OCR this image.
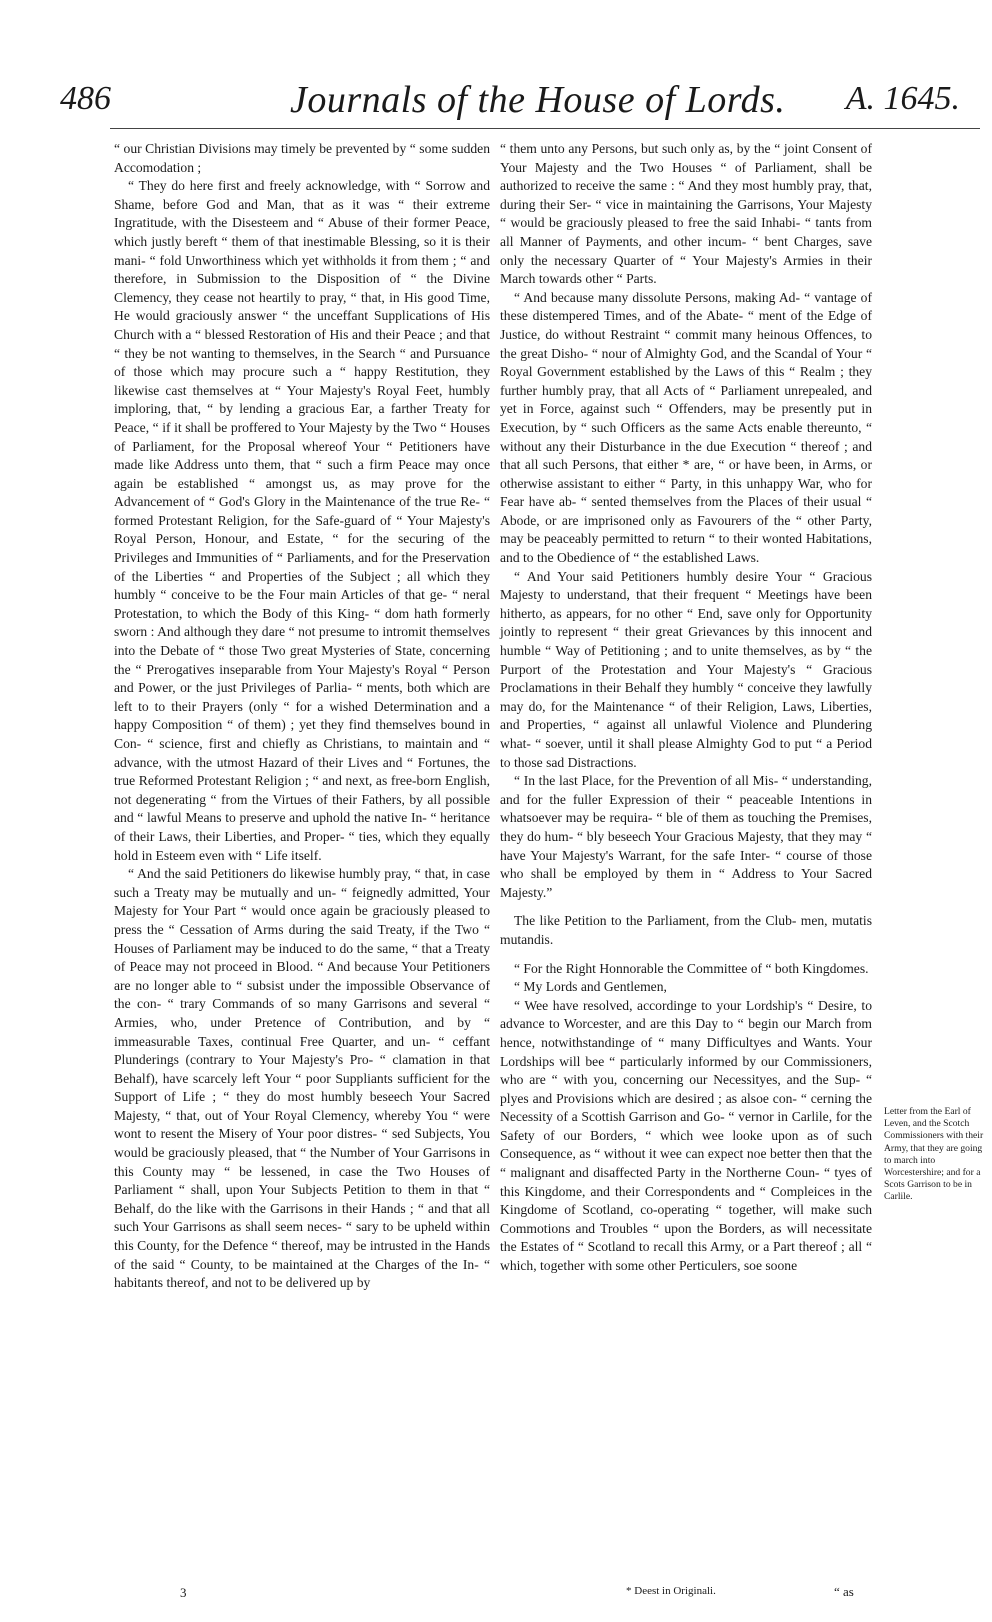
486	Journals of the House of Lords. A. 1645.

“ our Christian Divisions may timely be prevented by “ some sudden Accomodation ;

“ They do here first and freely acknowledge, with “ Sorrow and Shame, before God and Man, that as it was “ their extreme Ingratitude, with the Disesteem and “ Abuse of their former Peace, which justly bereft “ them of that inestimable Blessing, so it is their mani- “ fold Unworthiness which yet withholds it from them ; “ and therefore, in Submission to the Disposition of “ the Divine Clemency, they cease not heartily to pray, “ that, in His good Time, He would graciously answer “ the unceffant Supplications of His Church with a “ blessed Restoration of His and their Peace ; and that “ they be not wanting to themselves, in the Search “ and Pursuance of those which may procure such a “ happy Restitution, they likewise cast themselves at “ Your Majesty's Royal Feet, humbly imploring, that, “ by lending a gracious Ear, a farther Treaty for Peace, “ if it shall be proffered to Your Majesty by the Two “ Houses of Parliament, for the Proposal whereof Your “ Petitioners have made like Address unto them, that “ such a firm Peace may once again be established “ amongst us, as may prove for the Advancement of “ God's Glory in the Maintenance of the true Re- “ formed Protestant Religion, for the Safe-guard of “ Your Majesty's Royal Person, Honour, and Estate, “ for the securing of the Privileges and Immunities of “ Parliaments, and for the Preservation of the Liberties “ and Properties of the Subject ; all which they humbly “ conceive to be the Four main Articles of that ge- “ neral Protestation, to which the Body of this King- “ dom hath formerly sworn : And although they dare “ not presume to intromit themselves into the Debate of “ those Two great Mysteries of State, concerning the “ Prerogatives inseparable from Your Majesty's Royal “ Person and Power, or the just Privileges of Parlia- “ ments, both which are left to to their Prayers (only “ for a wished Determination and a happy Composition “ of them) ; yet they find themselves bound in Con- “ science, first and chiefly as Christians, to maintain and “ advance, with the utmost Hazard of their Lives and “ Fortunes, the true Reformed Protestant Religion ; “ and next, as free-born English, not degenerating “ from the Virtues of their Fathers, by all possible and “ lawful Means to preserve and uphold the native In- “ heritance of their Laws, their Liberties, and Proper- “ ties, which they equally hold in Esteem even with “ Life itself.

“ And the said Petitioners do likewise humbly pray, “ that, in case such a Treaty may be mutually and un- “ feignedly admitted, Your Majesty for Your Part “ would once again be graciously pleased to press the “ Cessation of Arms during the said Treaty, if the Two “ Houses of Parliament may be induced to do the same, “ that a Treaty of Peace may not proceed in Blood. “ And because Your Petitioners are no longer able to “ subsist under the impossible Observance of the con- “ trary Commands of so many Garrisons and several “ Armies, who, under Pretence of Contribution, and by “ immeasurable Taxes, continual Free Quarter, and un- “ ceffant Plunderings (contrary to Your Majesty's Pro- “ clamation in that Behalf), have scarcely left Your “ poor Suppliants sufficient for the Support of Life ; “ they do most humbly beseech Your Sacred Majesty, “ that, out of Your Royal Clemency, whereby You “ were wont to resent the Misery of Your poor distres- “ sed Subjects, You would be graciously pleased, that “ the Number of Your Garrisons in this County may “ be lessened, in case the Two Houses of Parliament “ shall, upon Your Subjects Petition to them in that “ Behalf, do the like with the Garrisons in their Hands ; “ and that all such Your Garrisons as shall seem neces- “ sary to be upheld within this County, for the Defence “ thereof, may be intrusted in the Hands of the said “ County, to be maintained at the Charges of the In- “ habitants thereof, and not to be delivered up by

“ them unto any Persons, but such only as, by the “ joint Consent of Your Majesty and the Two Houses “ of Parliament, shall be authorized to receive the same : “ And they most humbly pray, that, during their Ser- “ vice in maintaining the Garrisons, Your Majesty “ would be graciously pleased to free the said Inhabi- “ tants from all Manner of Payments, and other incum- “ bent Charges, save only the necessary Quarter of “ Your Majesty's Armies in their March towards other “ Parts.

“ And because many dissolute Persons, making Ad- “ vantage of these distempered Times, and of the Abate- “ ment of the Edge of Justice, do without Restraint “ commit many heinous Offences, to the great Disho- “ nour of Almighty God, and the Scandal of Your “ Royal Government established by the Laws of this “ Realm ; they further humbly pray, that all Acts of “ Parliament unrepealed, and yet in Force, against such “ Offenders, may be presently put in Execution, by “ such Officers as the same Acts enable thereunto, “ without any their Disturbance in the due Execution “ thereof ; and that all such Persons, that either * are, “ or have been, in Arms, or otherwise assistant to either “ Party, in this unhappy War, who for Fear have ab- “ sented themselves from the Places of their usual “ Abode, or are imprisoned only as Favourers of the “ other Party, may be peaceably permitted to return “ to their wonted Habitations, and to the Obedience of “ the established Laws.

“ And Your said Petitioners humbly desire Your “ Gracious Majesty to understand, that their frequent “ Meetings have been hitherto, as appears, for no other “ End, save only for Opportunity jointly to represent “ their great Grievances by this innocent and humble “ Way of Petitioning ; and to unite themselves, as by “ the Purport of the Protestation and Your Majesty's “ Gracious Proclamations in their Behalf they humbly “ conceive they lawfully may do, for the Maintenance “ of their Religion, Laws, Liberties, and Properties, “ against all unlawful Violence and Plundering what- “ soever, until it shall please Almighty God to put “ a Period to those sad Distractions.

“ In the last Place, for the Prevention of all Mis- “ understanding, and for the fuller Expression of their “ peaceable Intentions in whatsoever may be requira- “ ble of them as touching the Premises, they do hum- “ bly beseech Your Gracious Majesty, that they may “ have Your Majesty's Warrant, for the safe Inter- “ course of those who shall be employed by them in “ Address to Your Sacred Majesty.”

The like Petition to the Parliament, from the Club- men, mutatis mutandis.

“ For the Right Honnorable the Committee of “ both Kingdomes.

“ My Lords and Gentlemen,

“ Wee have resolved, accordinge to your Lordship's “ Desire, to advance to Worcester, and are this Day to “ begin our March from hence, notwithstandinge of “ many Difficultyes and Wants. Your Lordships will bee “ particularly informed by our Commissioners, who are “ with you, concerning our Necessityes, and the Sup- “ plyes and Provisions which are desired ; as alsoe con- “ cerning the Necessity of a Scottish Garrison and Go- “ vernor in Carlile, for the Safety of our Borders, “ which wee looke upon as of such Consequence, as “ without it wee can expect noe better then that the “ malignant and disaffected Party in the Northerne Coun- “ tyes of this Kingdome, and their Correspondents and “ Compleices in the Kingdome of Scotland, co-operating “ together, will make such Commotions and Troubles “ upon the Borders, as will necessitate the Estates of “ Scotland to recall this Army, or a Part thereof ; all “ which, together with some other Perticulers, soe soone

Letter from the Earl of Leven, and the Scotch Commissioners with their Army, that they are going to march into Worcestershire; and for a Scots Garrison to be in Carlile.
3	* Deest in Originali.	“ as
